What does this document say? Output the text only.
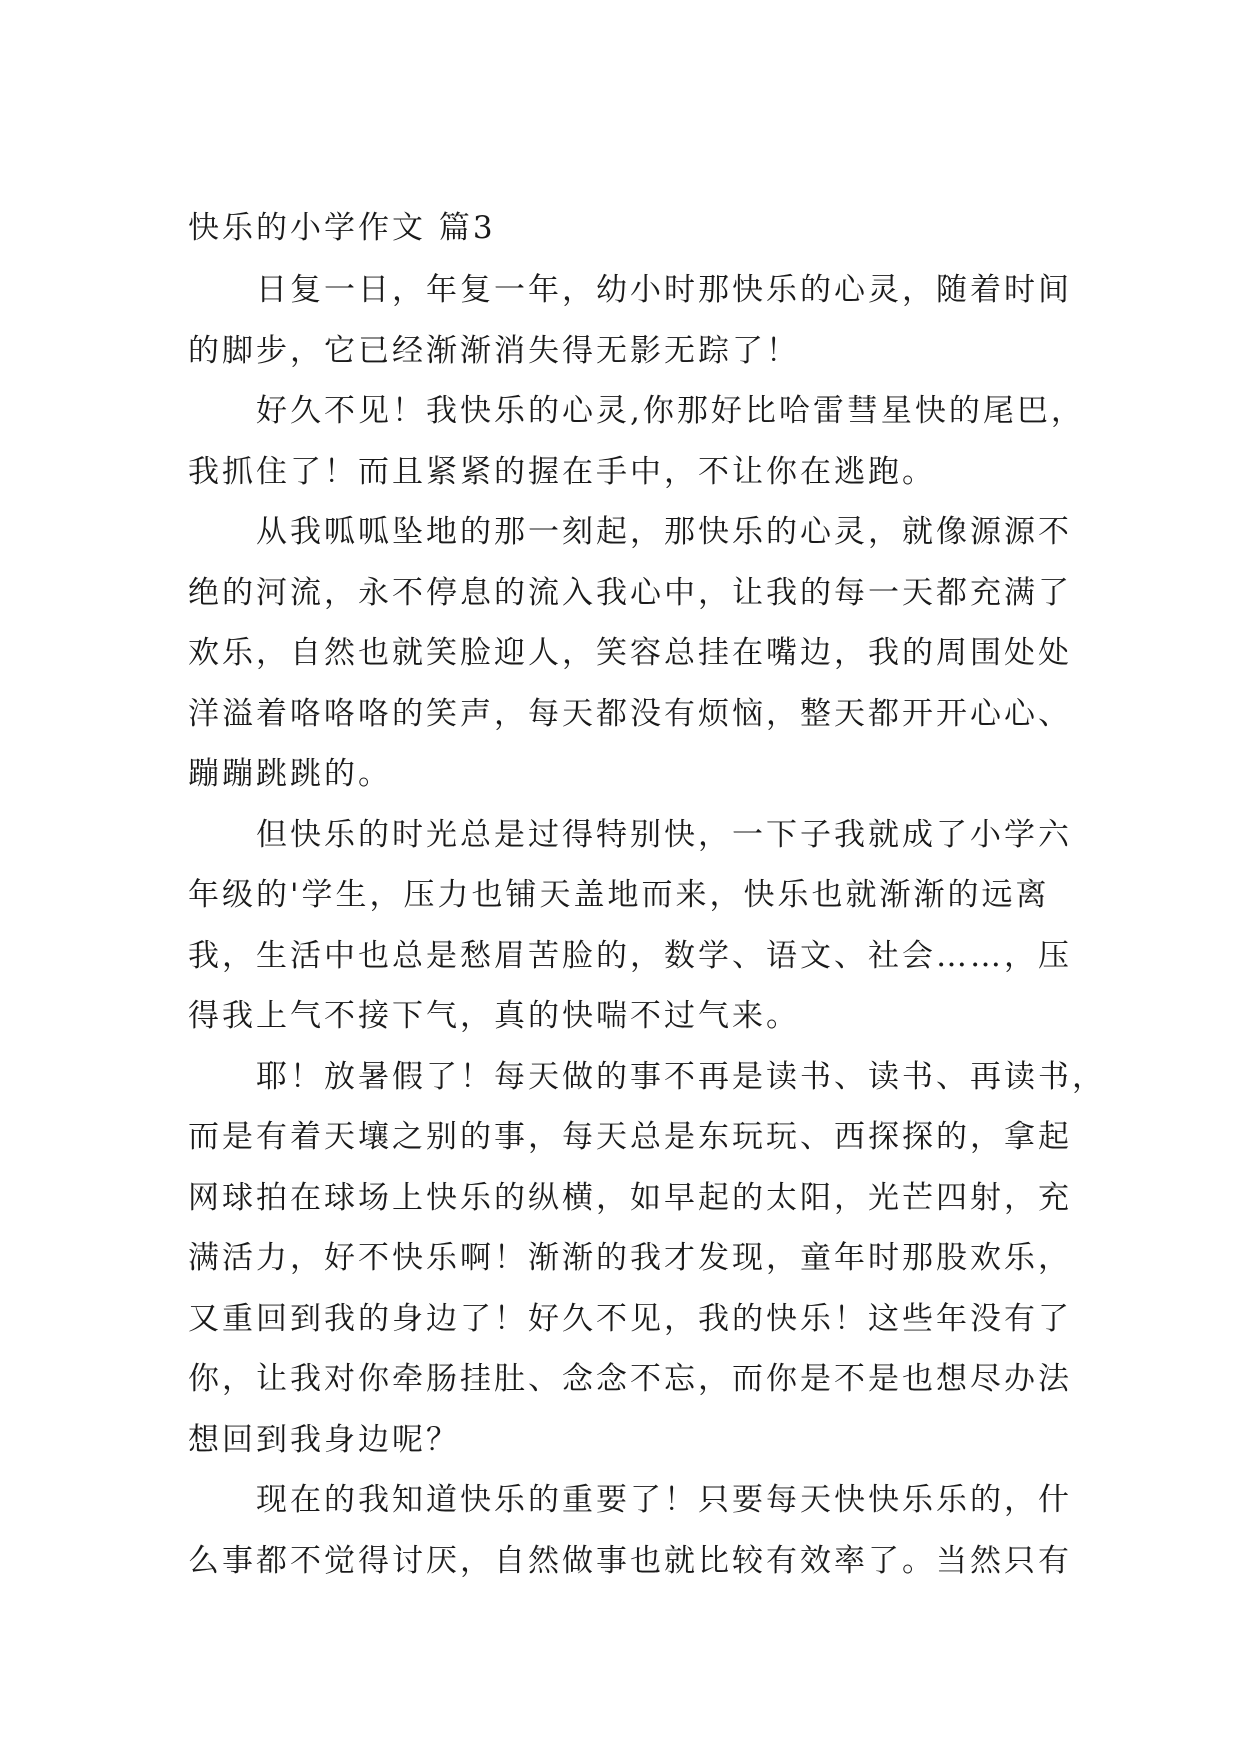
快乐的小学作文 篇3

日复一日，年复一年，幼小时那快乐的心灵，随着时间
的脚步，它已经渐渐消失得无影无踪了！

好久不见！我快乐的心灵,你那好比哈雷彗星快的尾巴，
我抓住了！而且紧紧的握在手中，不让你在逃跑。

从我呱呱坠地的那一刻起，那快乐的心灵，就像源源不
绝的河流，永不停息的流入我心中，让我的每一天都充满了
欢乐，自然也就笑脸迎人，笑容总挂在嘴边，我的周围处处
洋溢着咯咯咯的笑声，每天都没有烦恼，整天都开开心心、
蹦蹦跳跳的。

但快乐的时光总是过得特别快，一下子我就成了小学六
年级的'学生，压力也铺天盖地而来，快乐也就渐渐的远离
我，生活中也总是愁眉苦脸的，数学、语文、社会……，压
得我上气不接下气，真的快喘不过气来。

耶！放暑假了！每天做的事不再是读书、读书、再读书，
而是有着天壤之别的事，每天总是东玩玩、西探探的，拿起
网球拍在球场上快乐的纵横，如早起的太阳，光芒四射，充
满活力，好不快乐啊！渐渐的我才发现，童年时那股欢乐，
又重回到我的身边了！好久不见，我的快乐！这些年没有了
你，让我对你牵肠挂肚、念念不忘，而你是不是也想尽办法
想回到我身边呢？

现在的我知道快乐的重要了！只要每天快快乐乐的，什
么事都不觉得讨厌，自然做事也就比较有效率了。当然只有
